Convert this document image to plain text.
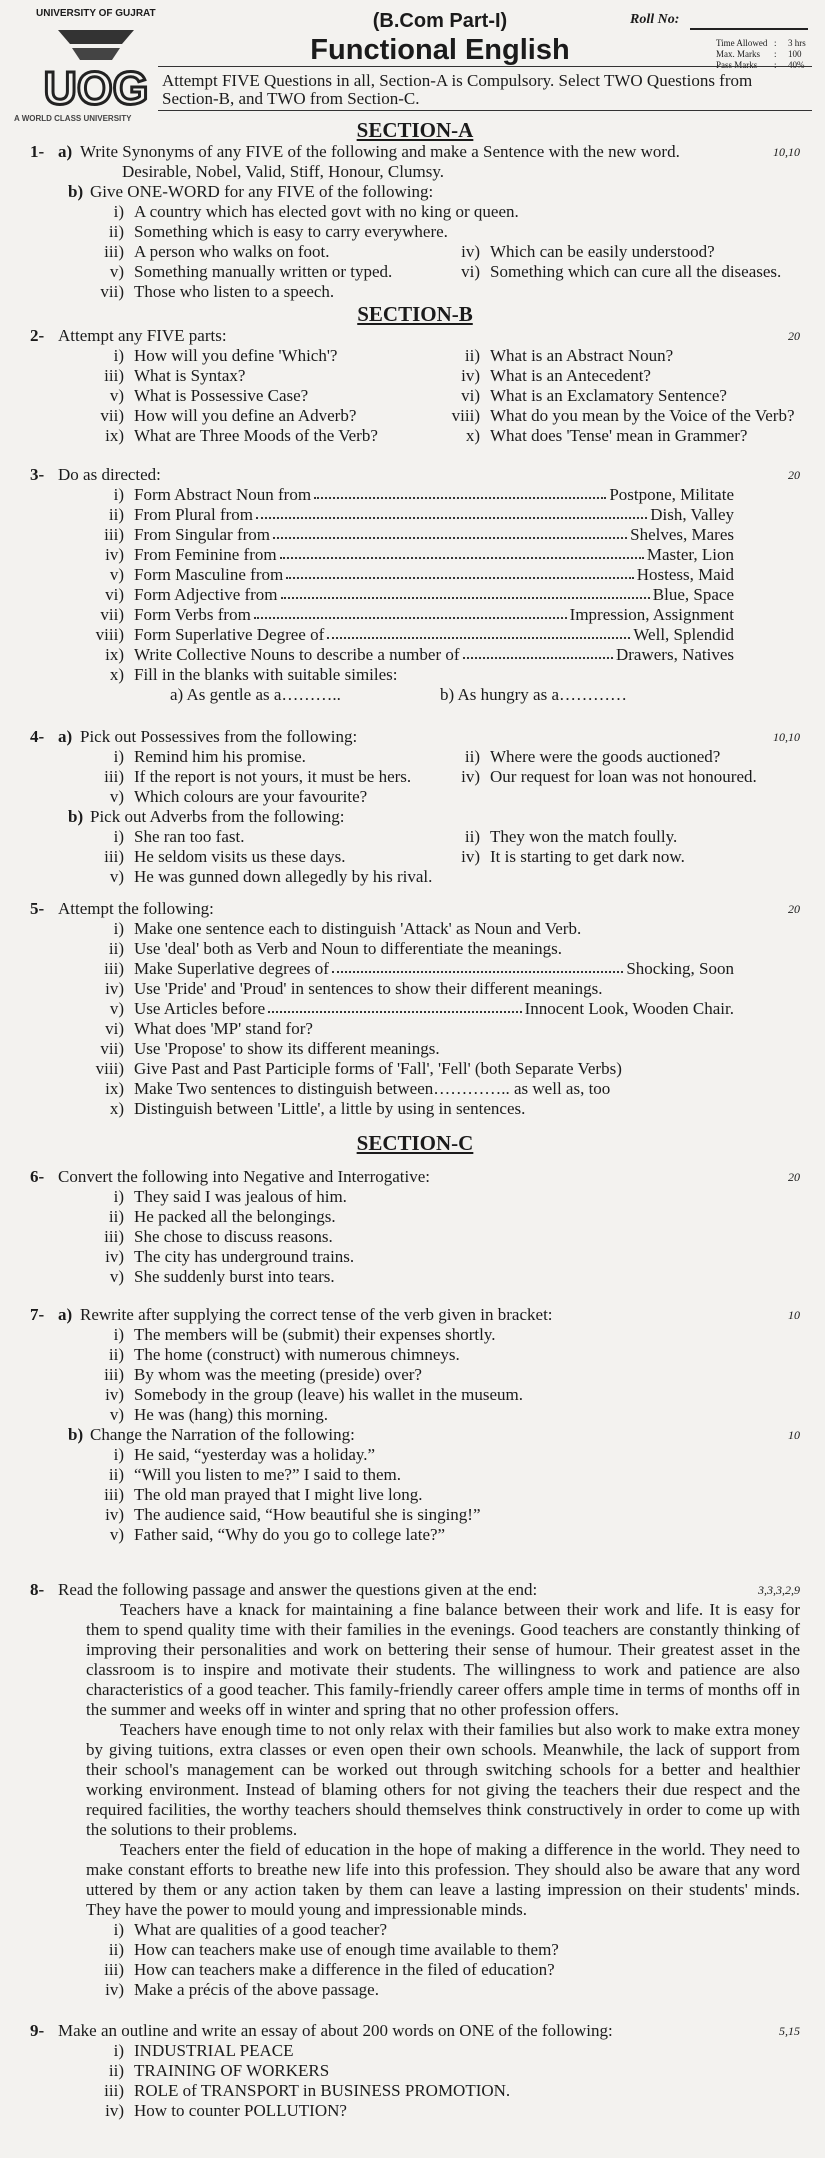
UNIVERSITY OF GUJRAT
UOG
A WORLD CLASS UNIVERSITY
(B.Com Part-I)
Functional English
Roll No:
Time Allowed :	3 hrs
Max. Marks	:	100
Pass Marks	:	40%
Attempt FIVE Questions in all, Section-A is Compulsory. Select TWO Questions from Section-B, and TWO from Section-C.
SECTION-A
SECTION-B
SECTION-C
1- a) Write Synonyms of any FIVE of the following and make a Sentence with the new word.	10,10
Desirable, Nobel, Valid, Stiff, Honour, Clumsy.
b) Give ONE-WORD for any FIVE of the following:
i) A country which has elected govt with no king or queen.
ii) Something which is easy to carry everywhere.
iii) A person who walks on foot.	iv) Which can be easily understood?
v) Something manually written or typed.	vi) Something which can cure all the diseases.
vii) Those who listen to a speech.
2- Attempt any FIVE parts:	20
i) How will you define 'Which'?	ii) What is an Abstract Noun?
iii) What is Syntax?	iv) What is an Antecedent?
v) What is Possessive Case?	vi) What is an Exclamatory Sentence?
vii) How will you define an Adverb?	viii) What do you mean by the Voice of the Verb?
ix) What are Three Moods of the Verb?	x) What does 'Tense' mean in Grammer?
3- Do as directed:	20
i) Form Abstract Noun from	Postpone, Militate
ii) From Plural from	Dish, Valley
iii) From Singular from	Shelves, Mares
iv) From Feminine from	Master, Lion
v) Form Masculine from	Hostess, Maid
vi) Form Adjective from	Blue, Space
vii) Form Verbs from	Impression, Assignment
viii) Form Superlative Degree of	Well, Splendid
ix) Write Collective Nouns to describe a number of	Drawers, Natives
x) Fill in the blanks with suitable similes:
a) As gentle as a………..	b) As hungry as a…………
4- a) Pick out Possessives from the following:	10,10
i) Remind him his promise.	ii) Where were the goods auctioned?
iii) If the report is not yours, it must be hers.	iv) Our request for loan was not honoured.
v) Which colours are your favourite?
b) Pick out Adverbs from the following:
i) She ran too fast.	ii) They won the match foully.
iii) He seldom visits us these days.	iv) It is starting to get dark now.
v) He was gunned down allegedly by his rival.
5- Attempt the following:	20
i) Make one sentence each to distinguish 'Attack' as Noun and Verb.
ii) Use 'deal' both as Verb and Noun to differentiate the meanings.
iii) Make Superlative degrees of	Shocking, Soon
iv) Use 'Pride' and 'Proud' in sentences to show their different meanings.
v) Use Articles before	Innocent Look, Wooden Chair.
vi) What does 'MP' stand for?
vii) Use 'Propose' to show its different meanings.
viii) Give Past and Past Participle forms of 'Fall', 'Fell' (both Separate Verbs)
ix) Make Two sentences to distinguish between………….. as well as, too
x) Distinguish between 'Little', a little by using in sentences.
6- Convert the following into Negative and Interrogative:	20
i) They said I was jealous of him.
ii) He packed all the belongings.
iii) She chose to discuss reasons.
iv) The city has underground trains.
v) She suddenly burst into tears.
7- a) Rewrite after supplying the correct tense of the verb given in bracket:	10
i) The members will be (submit) their expenses shortly.
ii) The home (construct) with numerous chimneys.
iii) By whom was the meeting (preside) over?
iv) Somebody in the group (leave) his wallet in the museum.
v) He was (hang) this morning.
b) Change the Narration of the following:	10
i) He said, “yesterday was a holiday.”
ii) “Will you listen to me?” I said to them.
iii) The old man prayed that I might live long.
iv) The audience said, “How beautiful she is singing!”
v) Father said, “Why do you go to college late?”
8- Read the following passage and answer the questions given at the end:	3,3,3,2,9

Teachers have a knack for maintaining a fine balance between their work and life. It is easy for them to spend quality time with their families in the evenings. Good teachers are constantly thinking of improving their personalities and work on bettering their sense of humour. Their greatest asset in the classroom is to inspire and motivate their students. The willingness to work and patience are also characteristics of a good teacher. This family-friendly career offers ample time in terms of months off in the summer and weeks off in winter and spring that no other profession offers.

Teachers have enough time to not only relax with their families but also work to make extra money by giving tuitions, extra classes or even open their own schools. Meanwhile, the lack of support from their school's management can be worked out through switching schools for a better and healthier working environment. Instead of blaming others for not giving the teachers their due respect and the required facilities, the worthy teachers should themselves think constructively in order to come up with the solutions to their problems.

Teachers enter the field of education in the hope of making a difference in the world. They need to make constant efforts to breathe new life into this profession. They should also be aware that any word uttered by them or any action taken by them can leave a lasting impression on their students' minds. They have the power to mould young and impressionable minds.

i) What are qualities of a good teacher?
ii) How can teachers make use of enough time available to them?
iii) How can teachers make a difference in the filed of education?
iv) Make a précis of the above passage.
9- Make an outline and write an essay of about 200 words on ONE of the following:	5,15
i) INDUSTRIAL PEACE
ii) TRAINING OF WORKERS
iii) ROLE of TRANSPORT in BUSINESS PROMOTION.
iv) How to counter POLLUTION?
